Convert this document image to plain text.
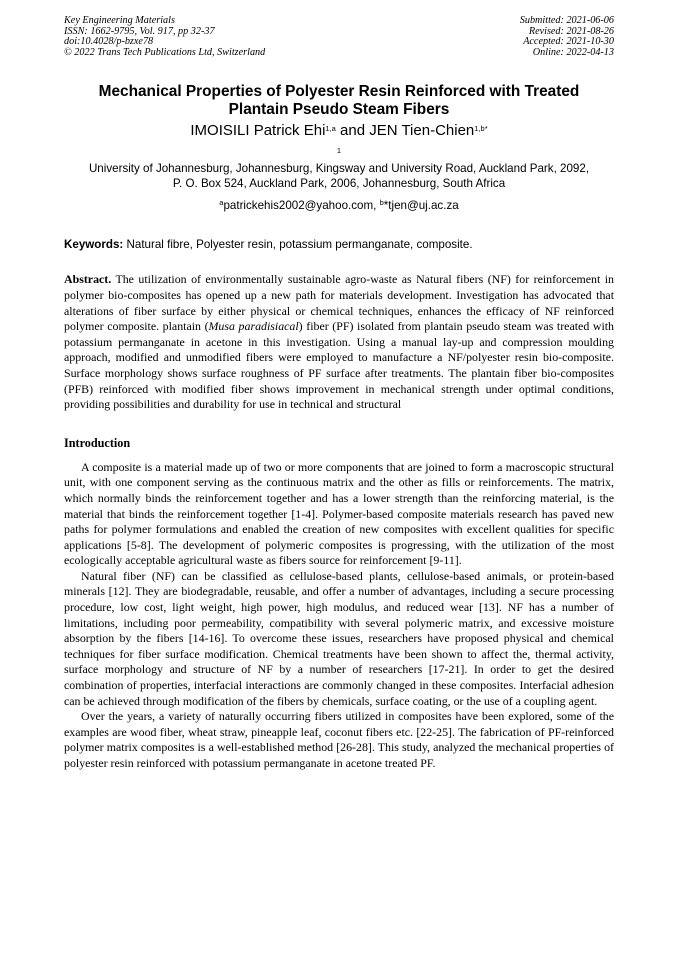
Key Engineering Materials
ISSN: 1662-9795, Vol. 917, pp 32-37
doi:10.4028/p-bzxe78
© 2022 Trans Tech Publications Ltd, Switzerland
Submitted: 2021-06-06
Revised: 2021-08-26
Accepted: 2021-10-30
Online: 2022-04-13
Mechanical Properties of Polyester Resin Reinforced with Treated
Plantain Pseudo Steam Fibers
IMOISILI Patrick Ehi$^{1,a}$ and JEN Tien-Chien$^{1,b*}$
$^1$
University of Johannesburg, Johannesburg, Kingsway and University Road, Auckland Park, 2092,
P. O. Box 524, Auckland Park, 2006, Johannesburg, South Africa
$^a$patrickehis2002@yahoo.com, $^b$*tjen@uj.ac.za
Keywords: Natural fibre, Polyester resin, potassium permanganate, composite.
Abstract. The utilization of environmentally sustainable agro-waste as Natural fibers (NF) for reinforcement in polymer bio-composites has opened up a new path for materials development. Investigation has advocated that alterations of fiber surface by either physical or chemical techniques, enhances the efficacy of NF reinforced polymer composite. plantain (Musa paradisiacal) fiber (PF) isolated from plantain pseudo steam was treated with potassium permanganate in acetone in this investigation. Using a manual lay-up and compression moulding approach, modified and unmodified fibers were employed to manufacture a NF/polyester resin bio-composite. Surface morphology shows surface roughness of PF surface after treatments. The plantain fiber bio-composites (PFB) reinforced with modified fiber shows improvement in mechanical strength under optimal conditions, providing possibilities and durability for use in technical and structural
Introduction

A composite is a material made up of two or more components that are joined to form a macroscopic structural unit, with one component serving as the continuous matrix and the other as fills or reinforcements. The matrix, which normally binds the reinforcement together and has a lower strength than the reinforcing material, is the material that binds the reinforcement together [1-4]. Polymer-based composite materials research has paved new paths for polymer formulations and enabled the creation of new composites with excellent qualities for specific applications [5-8]. The development of polymeric composites is progressing, with the utilization of the most ecologically acceptable agricultural waste as fibers source for reinforcement [9-11].

Natural fiber (NF) can be classified as cellulose-based plants, cellulose-based animals, or protein-based minerals [12]. They are biodegradable, reusable, and offer a number of advantages, including a secure processing procedure, low cost, light weight, high power, high modulus, and reduced wear [13]. NF has a number of limitations, including poor permeability, compatibility with several polymeric matrix, and excessive moisture absorption by the fibers [14-16]. To overcome these issues, researchers have proposed physical and chemical techniques for fiber surface modification. Chemical treatments have been shown to affect the, thermal activity, surface morphology and structure of NF by a number of researchers [17-21]. In order to get the desired combination of properties, interfacial interactions are commonly changed in these composites. Interfacial adhesion can be achieved through modification of the fibers by chemicals, surface coating, or the use of a coupling agent.

Over the years, a variety of naturally occurring fibers utilized in composites have been explored, some of the examples are wood fiber, wheat straw, pineapple leaf, coconut fibers etc. [22-25]. The fabrication of PF-reinforced polymer matrix composites is a well-established method [26-28]. This study, analyzed the mechanical properties of polyester resin reinforced with potassium permanganate in acetone treated PF.
